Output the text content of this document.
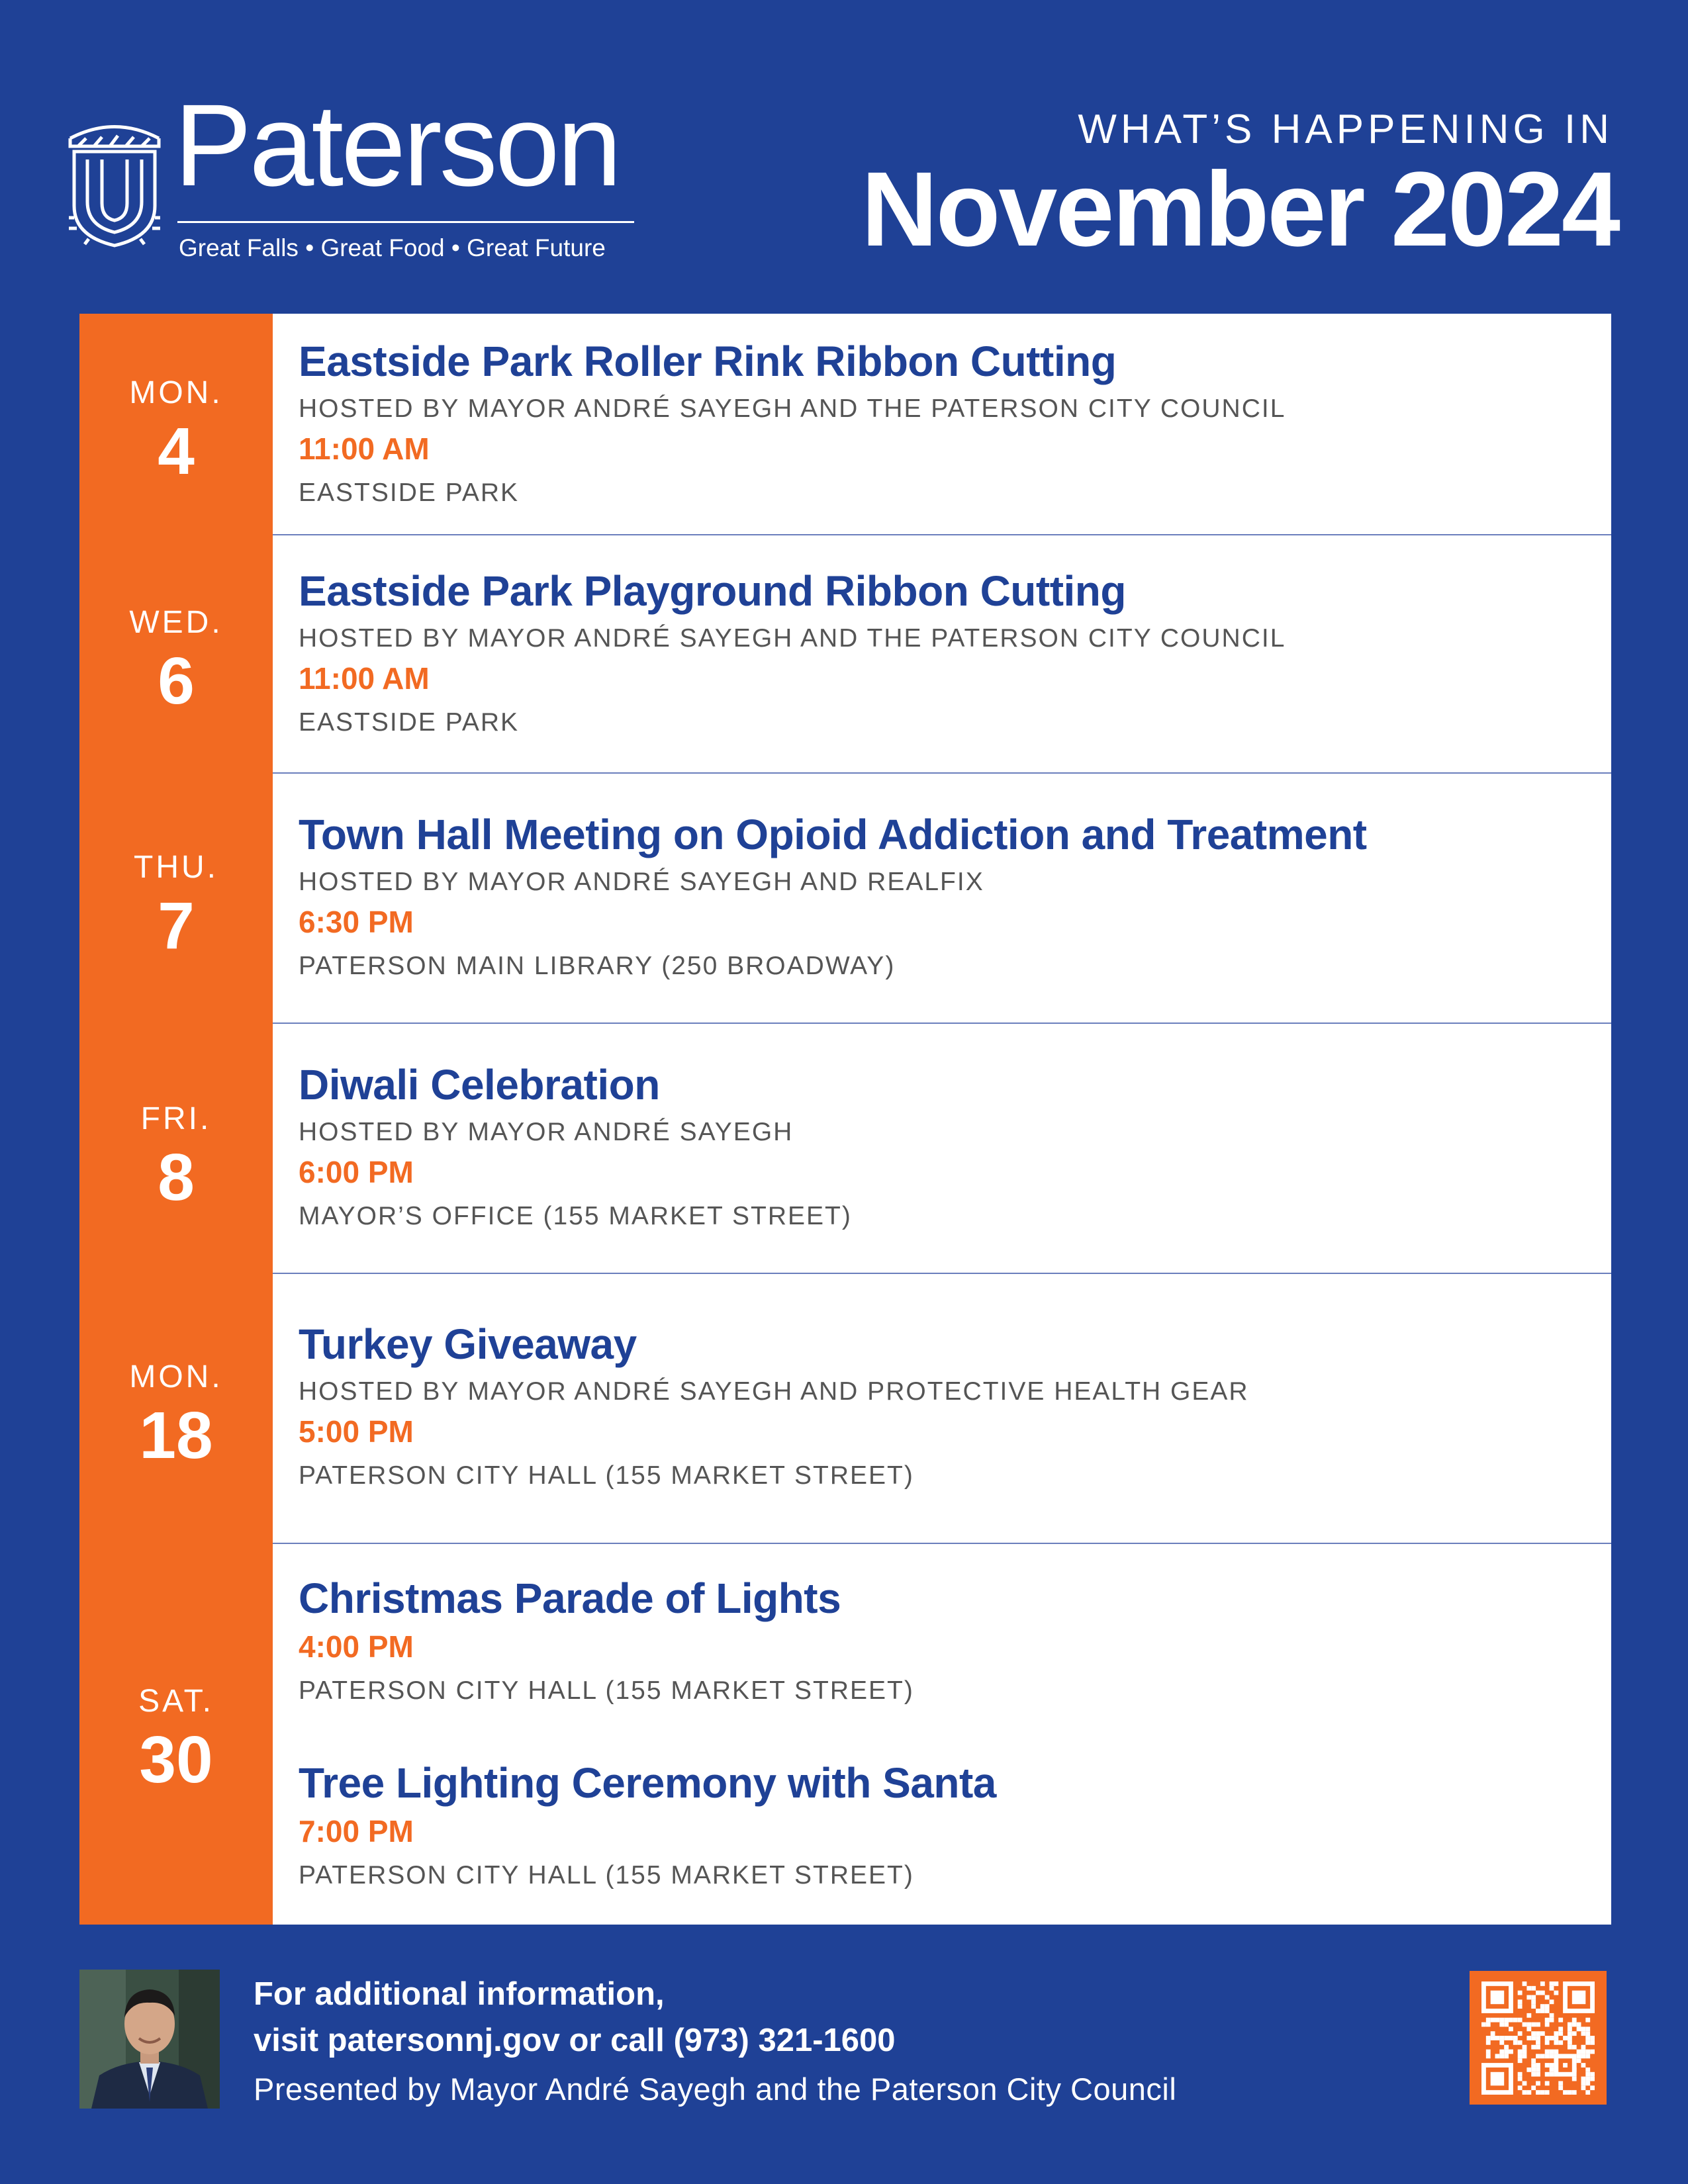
Paterson
Great Falls • Great Food • Great Future
WHAT’S HAPPENING IN
November 2024
MON.
4
Eastside Park Roller Rink Ribbon Cutting
HOSTED BY MAYOR ANDRÉ SAYEGH AND THE PATERSON CITY COUNCIL
11:00 AM
EASTSIDE PARK
WED.
6
Eastside Park Playground Ribbon Cutting
HOSTED BY MAYOR ANDRÉ SAYEGH AND THE PATERSON CITY COUNCIL
11:00 AM
EASTSIDE PARK
THU.
7
Town Hall Meeting on Opioid Addiction and Treatment
HOSTED BY MAYOR ANDRÉ SAYEGH AND REALFIX
6:30 PM
PATERSON MAIN LIBRARY (250 BROADWAY)
FRI.
8
Diwali Celebration
HOSTED BY MAYOR ANDRÉ SAYEGH
6:00 PM
MAYOR’S OFFICE (155 MARKET STREET)
MON.
18
Turkey Giveaway
HOSTED BY MAYOR ANDRÉ SAYEGH AND PROTECTIVE HEALTH GEAR
5:00 PM
PATERSON CITY HALL (155 MARKET STREET)
SAT.
30
Christmas Parade of Lights
4:00 PM
PATERSON CITY HALL (155 MARKET STREET)
Tree Lighting Ceremony with Santa
7:00 PM
PATERSON CITY HALL (155 MARKET STREET)
For additional information,
visit patersonnj.gov or call (973) 321-1600
Presented by Mayor André Sayegh and the Paterson City Council
